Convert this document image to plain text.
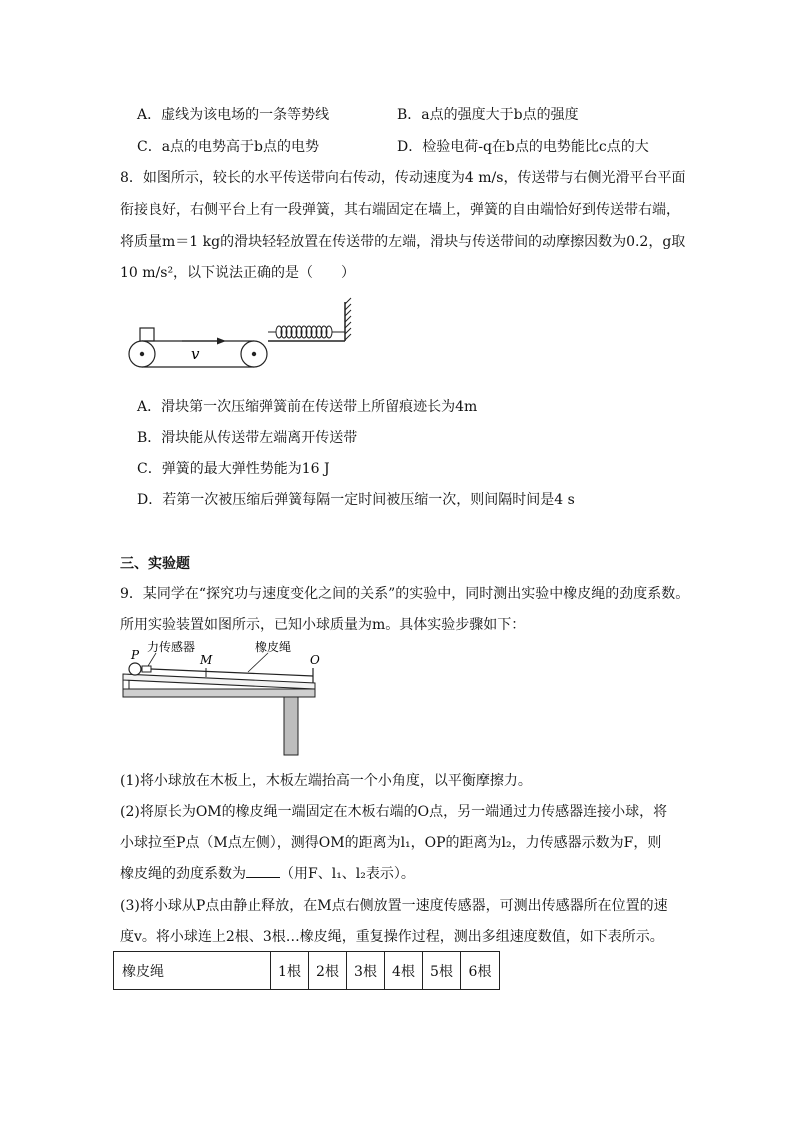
A．虚线为该电场的一条等势线	B．a点的强度大于b点的强度
C．a点的电势高于b点的电势	D．检验电荷-q在b点的电势能比c点的大
8．如图所示，较长的水平传送带向右传动，传动速度为4 m/s，传送带与右侧光滑平台平面
衔接良好，右侧平台上有一段弹簧，其右端固定在墙上，弹簧的自由端恰好到传送带右端，
将质量m＝1 kg的滑块轻轻放置在传送带的左端，滑块与传送带间的动摩擦因数为0.2，g取
10 m/s²，以下说法正确的是（　　）
v
A．滑块第一次压缩弹簧前在传送带上所留痕迹长为4m
B．滑块能从传送带左端离开传送带
C．弹簧的最大弹性势能为16 J
D．若第一次被压缩后弹簧每隔一定时间被压缩一次，则间隔时间是4 s
三、实验题
9．某同学在“探究功与速度变化之间的关系”的实验中，同时测出实验中橡皮绳的劲度系数。
所用实验装置如图所示，已知小球质量为m。具体实验步骤如下：
力传感器	橡皮绳
P	M	O
(1)将小球放在木板上，木板左端抬高一个小角度，以平衡摩擦力。
(2)将原长为OM的橡皮绳一端固定在木板右端的O点，另一端通过力传感器连接小球，将
小球拉至P点（M点左侧），测得OM的距离为l₁，OP的距离为l₂，力传感器示数为F，则
橡皮绳的劲度系数为 （用F、l₁、l₂表示）。
(3)将小球从P点由静止释放，在M点右侧放置一速度传感器，可测出传感器所在位置的速
度v。将小球连上2根、3根…橡皮绳，重复操作过程，测出多组速度数值，如下表所示。
橡皮绳	1根	2根	3根	4根	5根	6根
